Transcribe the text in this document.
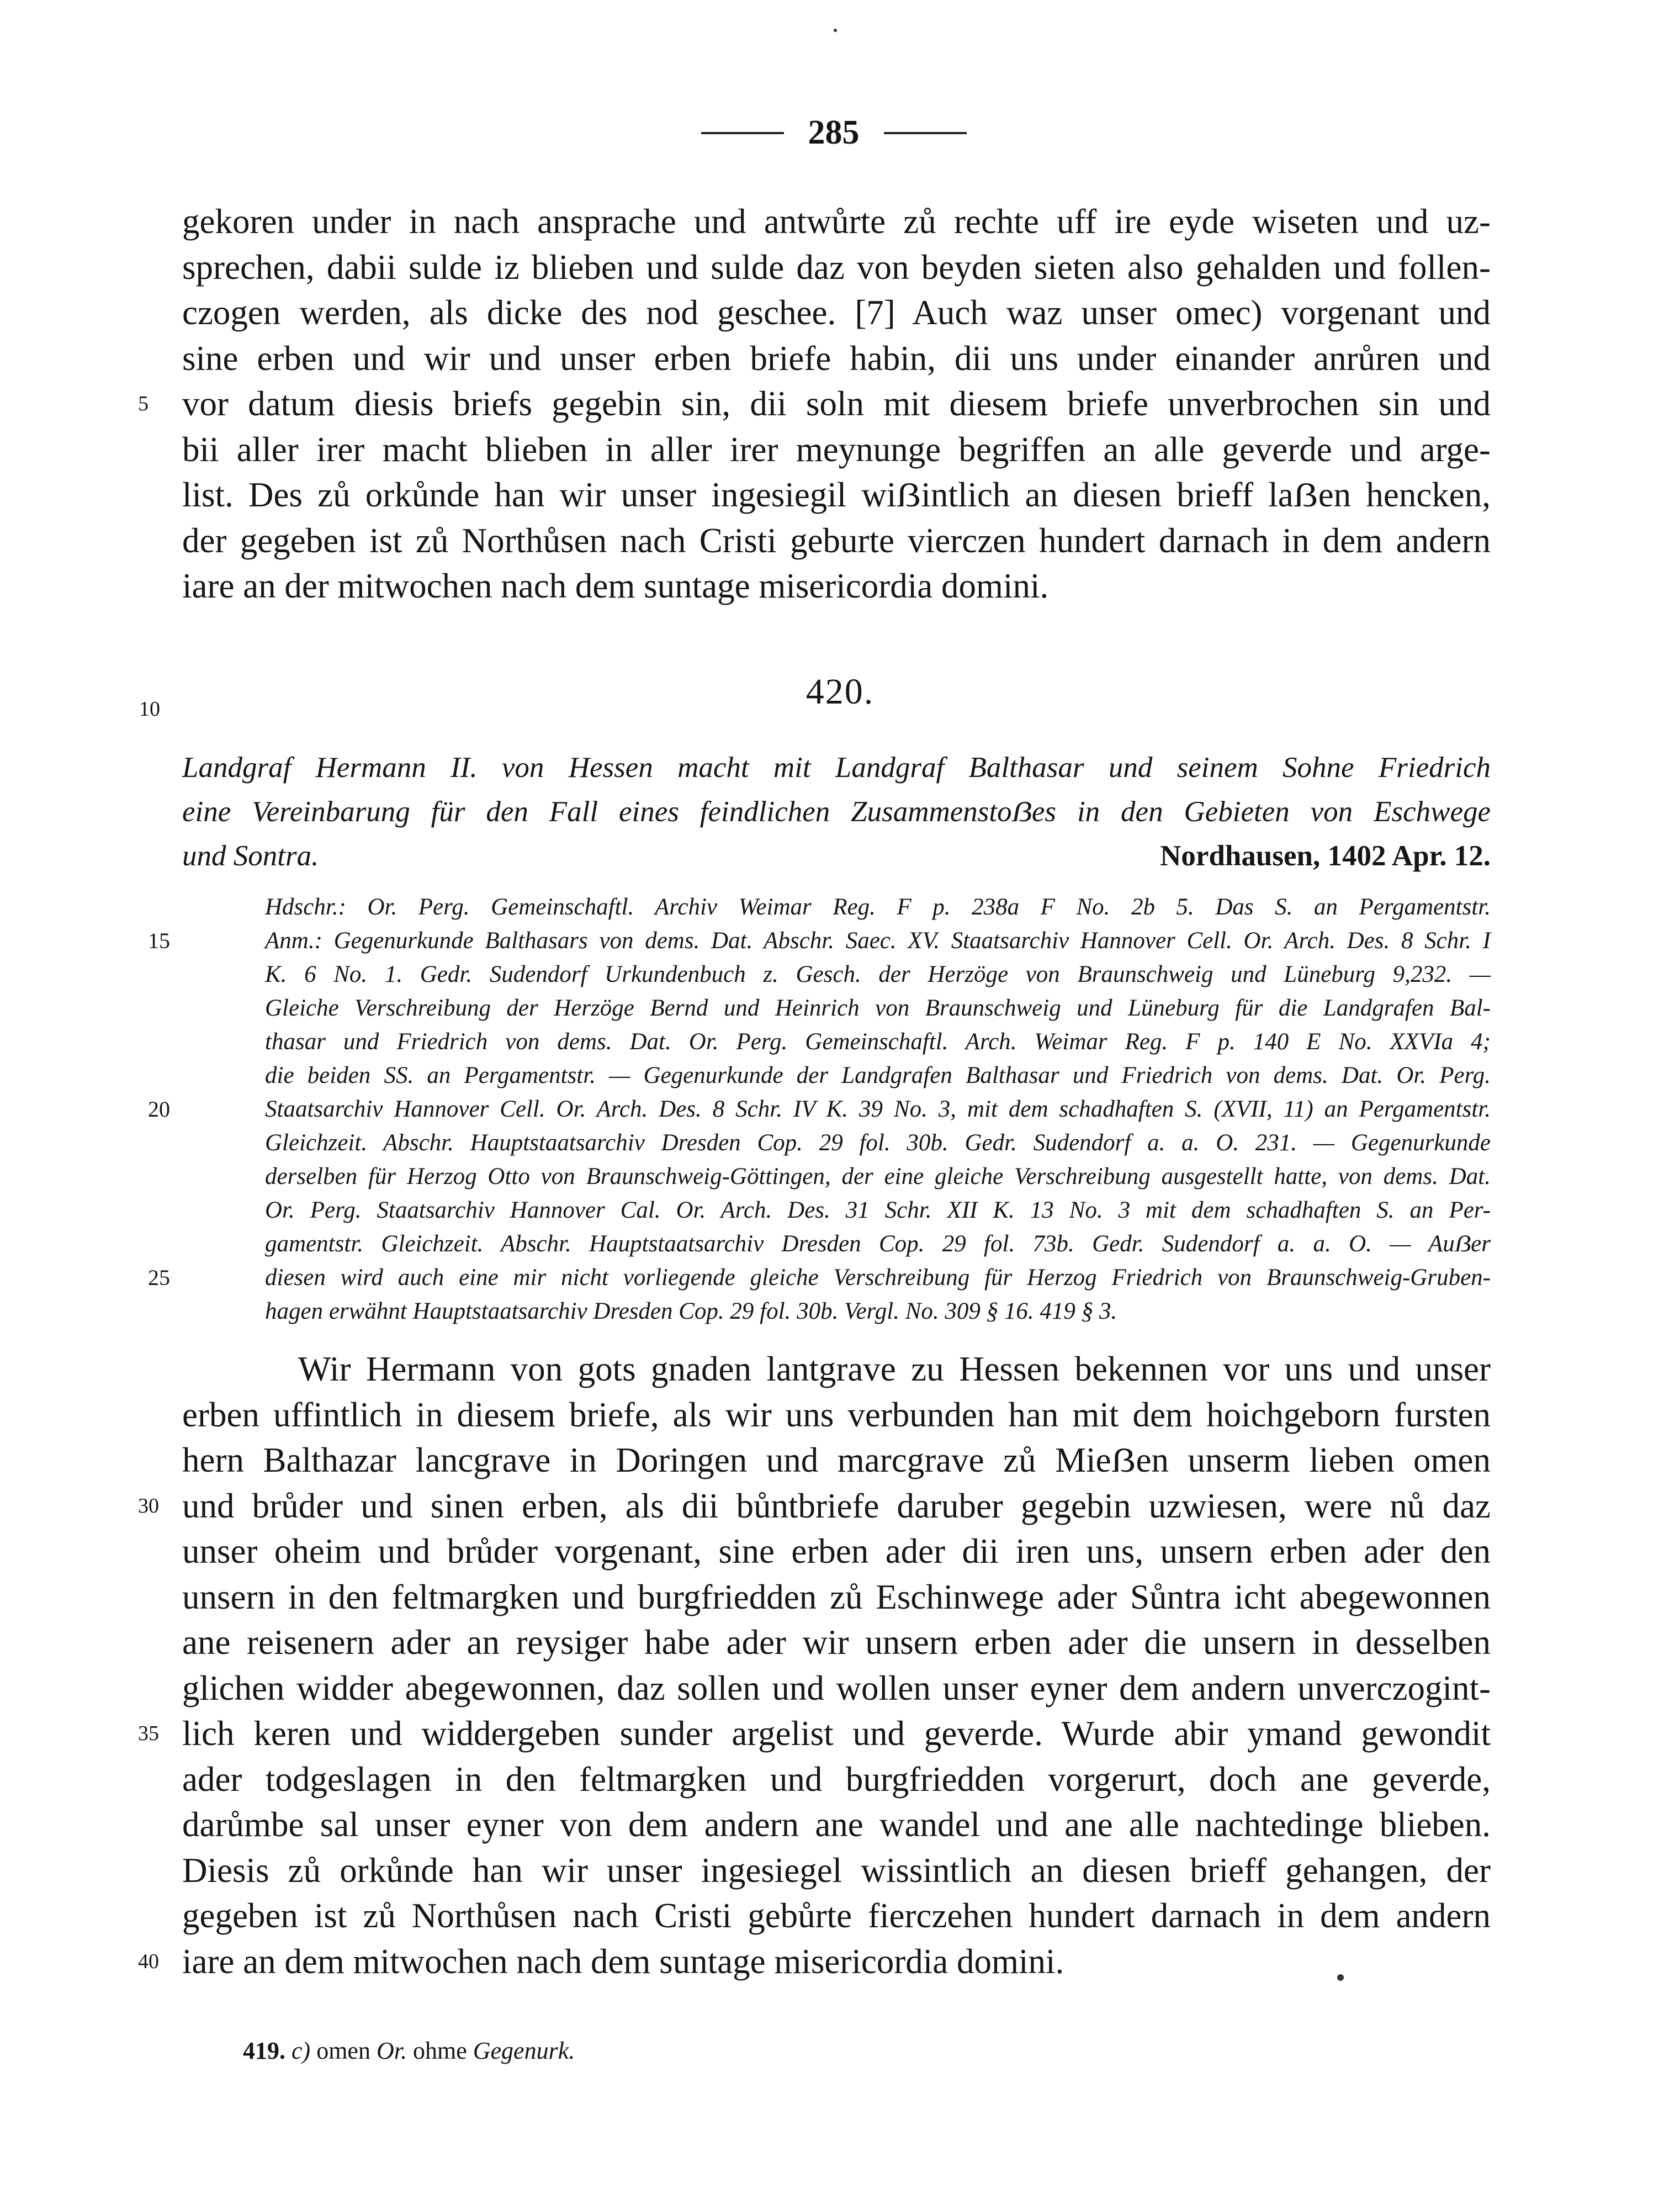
285
gekoren under in nach ansprache und antwůrte zů rechte uff ire eyde wiseten und uz-
sprechen, dabii sulde iz blieben und sulde daz von beyden sieten also gehalden und follen-
czogen werden, als dicke des nod geschee. [7] Auch waz unser omec) vorgenant und
sine erben und wir und unser erben briefe habin, dii uns under einander anrůren und
5 vor datum diesis briefs gegebin sin, dii soln mit diesem briefe unverbrochen sin und
bii aller irer macht blieben in aller irer meynunge begriffen an alle geverde und arge-
list. Des zů orkůnde han wir unser ingesiegil wiẞintlich an diesen brieff laẞen hencken,
der gegeben ist zů Northůsen nach Cristi geburte vierczen hundert darnach in dem andern
iare an der mitwochen nach dem suntage misericordia domini.
10	420.
Landgraf Hermann II. von Hessen macht mit Landgraf Balthasar und seinem Sohne Friedrich
eine Vereinbarung für den Fall eines feindlichen Zusammenstoẞes in den Gebieten von Eschwege
und Sontra.	Nordhausen, 1402 Apr. 12.
Hdschr.: Or. Perg. Gemeinschaftl. Archiv Weimar Reg. F p. 238a F No. 2b 5. Das S. an Pergamentstr.
15	Anm.: Gegenurkunde Balthasars von dems. Dat. Abschr. Saec. XV. Staatsarchiv Hannover Cell. Or. Arch. Des. 8 Schr. I
K. 6 No. 1. Gedr. Sudendorf Urkundenbuch z. Gesch. der Herzöge von Braunschweig und Lüneburg 9,232. —
Gleiche Verschreibung der Herzöge Bernd und Heinrich von Braunschweig und Lüneburg für die Landgrafen Bal-
thasar und Friedrich von dems. Dat. Or. Perg. Gemeinschaftl. Arch. Weimar Reg. F p. 140 E No. XXVIa 4;
die beiden SS. an Pergamentstr. — Gegenurkunde der Landgrafen Balthasar und Friedrich von dems. Dat. Or. Perg.
20	Staatsarchiv Hannover Cell. Or. Arch. Des. 8 Schr. IV K. 39 No. 3, mit dem schadhaften S. (XVII, 11) an Pergamentstr.
Gleichzeit. Abschr. Hauptstaatsarchiv Dresden Cop. 29 fol. 30b. Gedr. Sudendorf a. a. O. 231. — Gegenurkunde
derselben für Herzog Otto von Braunschweig-Göttingen, der eine gleiche Verschreibung ausgestellt hatte, von dems. Dat.
Or. Perg. Staatsarchiv Hannover Cal. Or. Arch. Des. 31 Schr. XII K. 13 No. 3 mit dem schadhaften S. an Per-
gamentstr. Gleichzeit. Abschr. Hauptstaatsarchiv Dresden Cop. 29 fol. 73b. Gedr. Sudendorf a. a. O. — Auẞer
25	diesen wird auch eine mir nicht vorliegende gleiche Verschreibung für Herzog Friedrich von Braunschweig-Gruben-
hagen erwähnt Hauptstaatsarchiv Dresden Cop. 29 fol. 30b. Vergl. No. 309 § 16. 419 § 3.
Wir Hermann von gots gnaden lantgrave zu Hessen bekennen vor uns und unser
erben uffintlich in diesem briefe, als wir uns verbunden han mit dem hoichgeborn fursten
hern Balthazar lancgrave in Doringen und marcgrave zů Mieẞen unserm lieben omen
30 und brůder und sinen erben, als dii bůntbriefe daruber gegebin uzwiesen, were nů daz
unser oheim und brůder vorgenant, sine erben ader dii iren uns, unsern erben ader den
unsern in den feltmargken und burgfriedden zů Eschinwege ader Sůntra icht abegewonnen
ane reisenern ader an reysiger habe ader wir unsern erben ader die unsern in desselben
glichen widder abegewonnen, daz sollen und wollen unser eyner dem andern unverczogint-
35 lich keren und widdergeben sunder argelist und geverde. Wurde abir ymand gewondit
ader todgeslagen in den feltmargken und burgfriedden vorgerurt, doch ane geverde,
darůmbe sal unser eyner von dem andern ane wandel und ane alle nachtedinge blieben.
Diesis zů orkůnde han wir unser ingesiegel wissintlich an diesen brieff gehangen, der
gegeben ist zů Northůsen nach Cristi gebůrte fierczehen hundert darnach in dem andern
40 iare an dem mitwochen nach dem suntage misericordia domini.
419. c) omen Or. ohme Gegenurk.
